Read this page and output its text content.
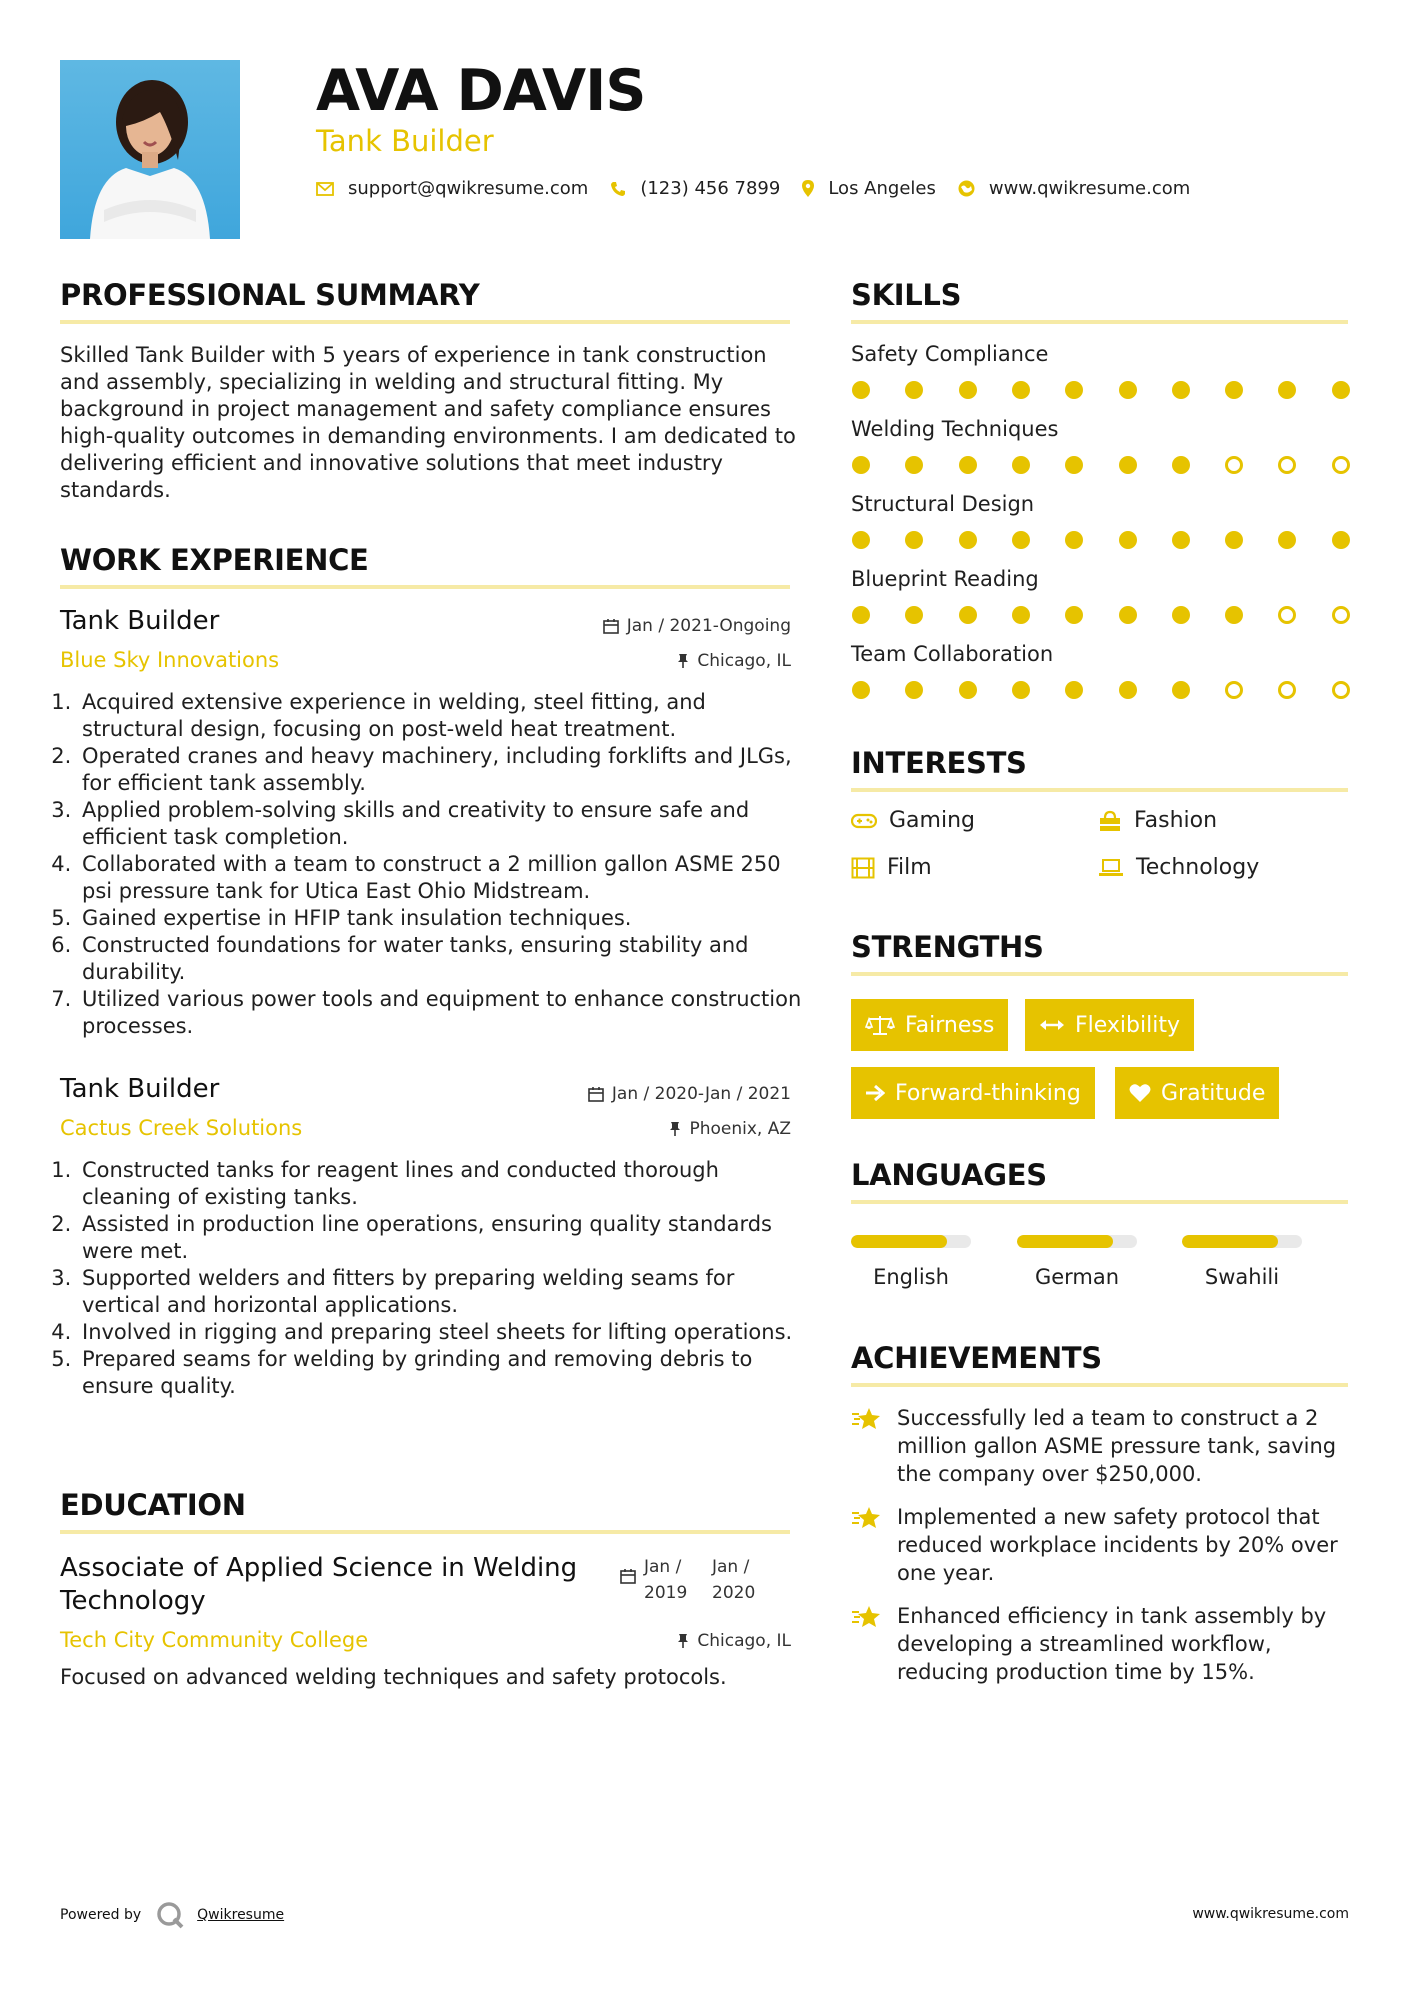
AVA DAVIS
Tank Builder
support@qwikresume.com	(123) 456 7899	Los Angeles	www.qwikresume.com
PROFESSIONAL SUMMARY
Skilled Tank Builder with 5 years of experience in tank construction and assembly, specializing in welding and structural fitting. My background in project management and safety compliance ensures high-quality outcomes in demanding environments. I am dedicated to delivering efficient and innovative solutions that meet industry standards.
WORK EXPERIENCE
Tank Builder	Jan / 2021-Ongoing
Blue Sky Innovations	Chicago, IL
1. Acquired extensive experience in welding, steel fitting, and structural design, focusing on post-weld heat treatment.
2. Operated cranes and heavy machinery, including forklifts and JLGs, for efficient tank assembly.
3. Applied problem-solving skills and creativity to ensure safe and efficient task completion.
4. Collaborated with a team to construct a 2 million gallon ASME 250 psi pressure tank for Utica East Ohio Midstream.
5. Gained expertise in HFIP tank insulation techniques.
6. Constructed foundations for water tanks, ensuring stability and durability.
7. Utilized various power tools and equipment to enhance construction processes.
Tank Builder	Jan / 2020-Jan / 2021
Cactus Creek Solutions	Phoenix, AZ
1. Constructed tanks for reagent lines and conducted thorough cleaning of existing tanks.
2. Assisted in production line operations, ensuring quality standards were met.
3. Supported welders and fitters by preparing welding seams for vertical and horizontal applications.
4. Involved in rigging and preparing steel sheets for lifting operations.
5. Prepared seams for welding by grinding and removing debris to ensure quality.
EDUCATION
Associate of Applied Science in Welding Technology
Jan / 2019
Jan / 2020
Tech City Community College	Chicago, IL
Focused on advanced welding techniques and safety protocols.
SKILLS
Safety Compliance
Welding Techniques
Structural Design
Blueprint Reading
Team Collaboration
INTERESTS
Gaming	Fashion
Film	Technology
STRENGTHS
Fairness	Flexibility
Forward-thinking	Gratitude
LANGUAGES
English	German	Swahili
ACHIEVEMENTS
Successfully led a team to construct a 2 million gallon ASME pressure tank, saving the company over $250,000.
Implemented a new safety protocol that reduced workplace incidents by 20% over one year.
Enhanced efficiency in tank assembly by developing a streamlined workflow, reducing production time by 15%.
Powered by	Qwikresume	www.qwikresume.com
